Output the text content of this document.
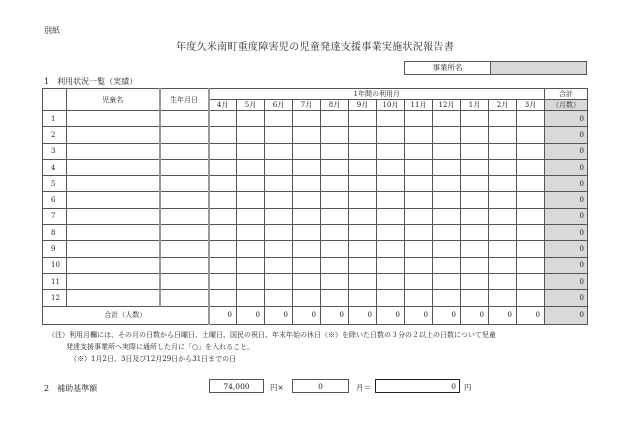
別紙
年度久米南町重度障害児の児童発達支援事業実施状況報告書
事業所名
1　利用状況一覧（実績）
	児童名	生年月日	1年間の利用月												合計
			4月	5月	6月	7月	8月	9月	10月	11月	12月	1月	2月	3月	（月数）
1															0
2															0
3															0
4															0
5															0
6															0
7															0
8															0
9															0
10															0
11															0
12															0
合計（人数）			0	0	0	0	0	0	0	0	0	0	0	0	0
（注）利用月欄には、その月の日数から日曜日、土曜日、国民の祝日、年末年始の休日（※）を除いた日数の３分の２以上の日数について児童
発達支援事業所へ実際に通所した月に「○」を入れること。
（※）1月2日、3日及び12月29日から31日までの日
2　補助基準額	74,000	円×	0	月＝	0	円
